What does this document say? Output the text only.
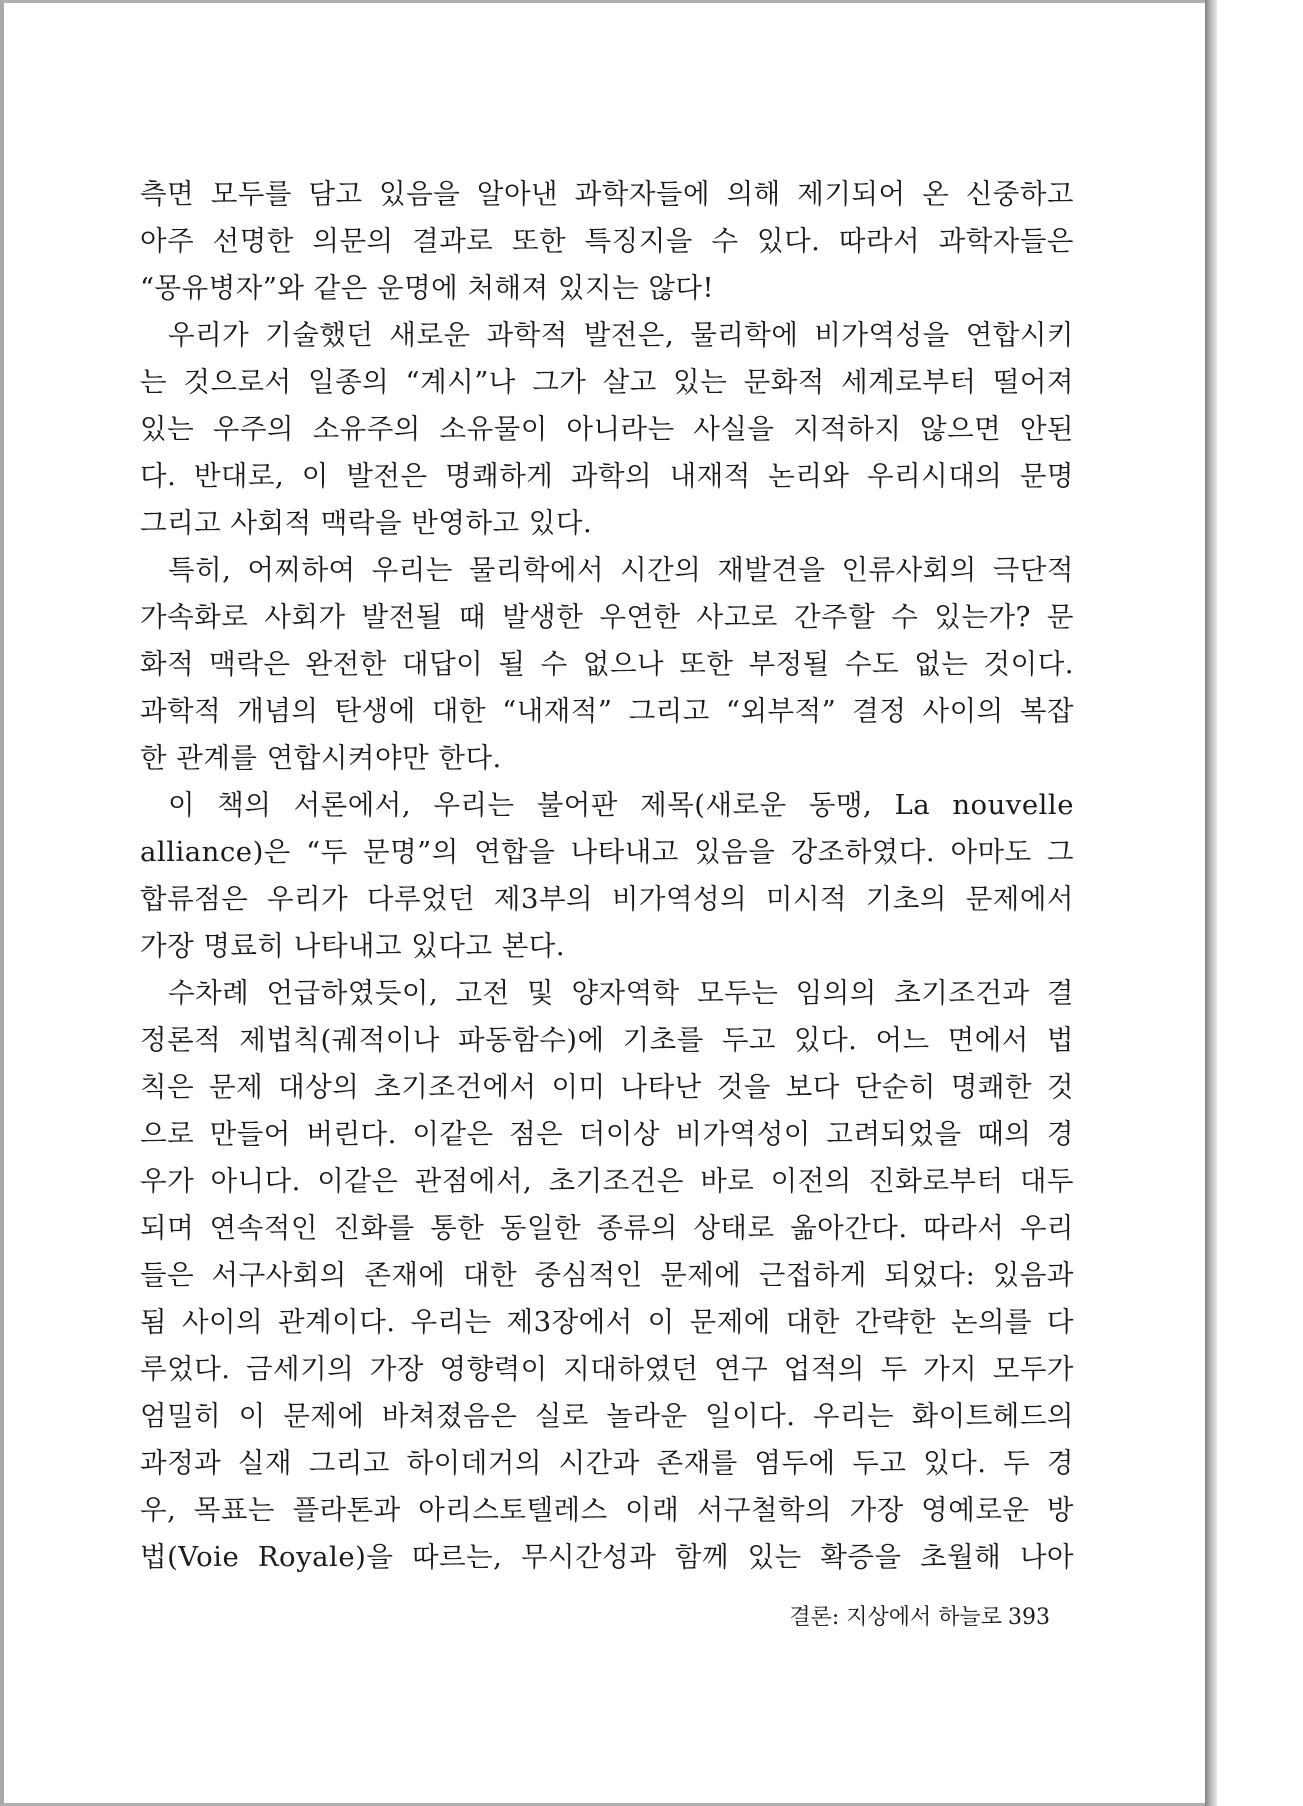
측면 모두를 담고 있음을 알아낸 과학자들에 의해 제기되어 온 신중하고
아주 선명한 의문의 결과로 또한 특징지을 수 있다. 따라서 과학자들은
“몽유병자”와 같은 운명에 처해져 있지는 않다!
우리가 기술했던 새로운 과학적 발전은, 물리학에 비가역성을 연합시키
는 것으로서 일종의 “계시”나 그가 살고 있는 문화적 세계로부터 떨어져
있는 우주의 소유주의 소유물이 아니라는 사실을 지적하지 않으면 안된
다. 반대로, 이 발전은 명쾌하게 과학의 내재적 논리와 우리시대의 문명
그리고 사회적 맥락을 반영하고 있다.
특히, 어찌하여 우리는 물리학에서 시간의 재발견을 인류사회의 극단적
가속화로 사회가 발전될 때 발생한 우연한 사고로 간주할 수 있는가? 문
화적 맥락은 완전한 대답이 될 수 없으나 또한 부정될 수도 없는 것이다.
과학적 개념의 탄생에 대한 “내재적” 그리고 “외부적” 결정 사이의 복잡
한 관계를 연합시켜야만 한다.
이 책의 서론에서, 우리는 불어판 제목(새로운 동맹, La nouvelle
alliance)은 “두 문명”의 연합을 나타내고 있음을 강조하였다. 아마도 그
합류점은 우리가 다루었던 제3부의 비가역성의 미시적 기초의 문제에서
가장 명료히 나타내고 있다고 본다.
수차례 언급하였듯이, 고전 및 양자역학 모두는 임의의 초기조건과 결
정론적 제법칙(궤적이나 파동함수)에 기초를 두고 있다. 어느 면에서 법
칙은 문제 대상의 초기조건에서 이미 나타난 것을 보다 단순히 명쾌한 것
으로 만들어 버린다. 이같은 점은 더이상 비가역성이 고려되었을 때의 경
우가 아니다. 이같은 관점에서, 초기조건은 바로 이전의 진화로부터 대두
되며 연속적인 진화를 통한 동일한 종류의 상태로 옮아간다. 따라서 우리
들은 서구사회의 존재에 대한 중심적인 문제에 근접하게 되었다: 있음과
됨 사이의 관계이다. 우리는 제3장에서 이 문제에 대한 간략한 논의를 다
루었다. 금세기의 가장 영향력이 지대하였던 연구 업적의 두 가지 모두가
엄밀히 이 문제에 바쳐졌음은 실로 놀라운 일이다. 우리는 화이트헤드의
과정과 실재 그리고 하이데거의 시간과 존재를 염두에 두고 있다. 두 경
우, 목표는 플라톤과 아리스토텔레스 이래 서구철학의 가장 영예로운 방
법(Voie Royale)을 따르는, 무시간성과 함께 있는 확증을 초월해 나아
결론: 지상에서 하늘로 393
